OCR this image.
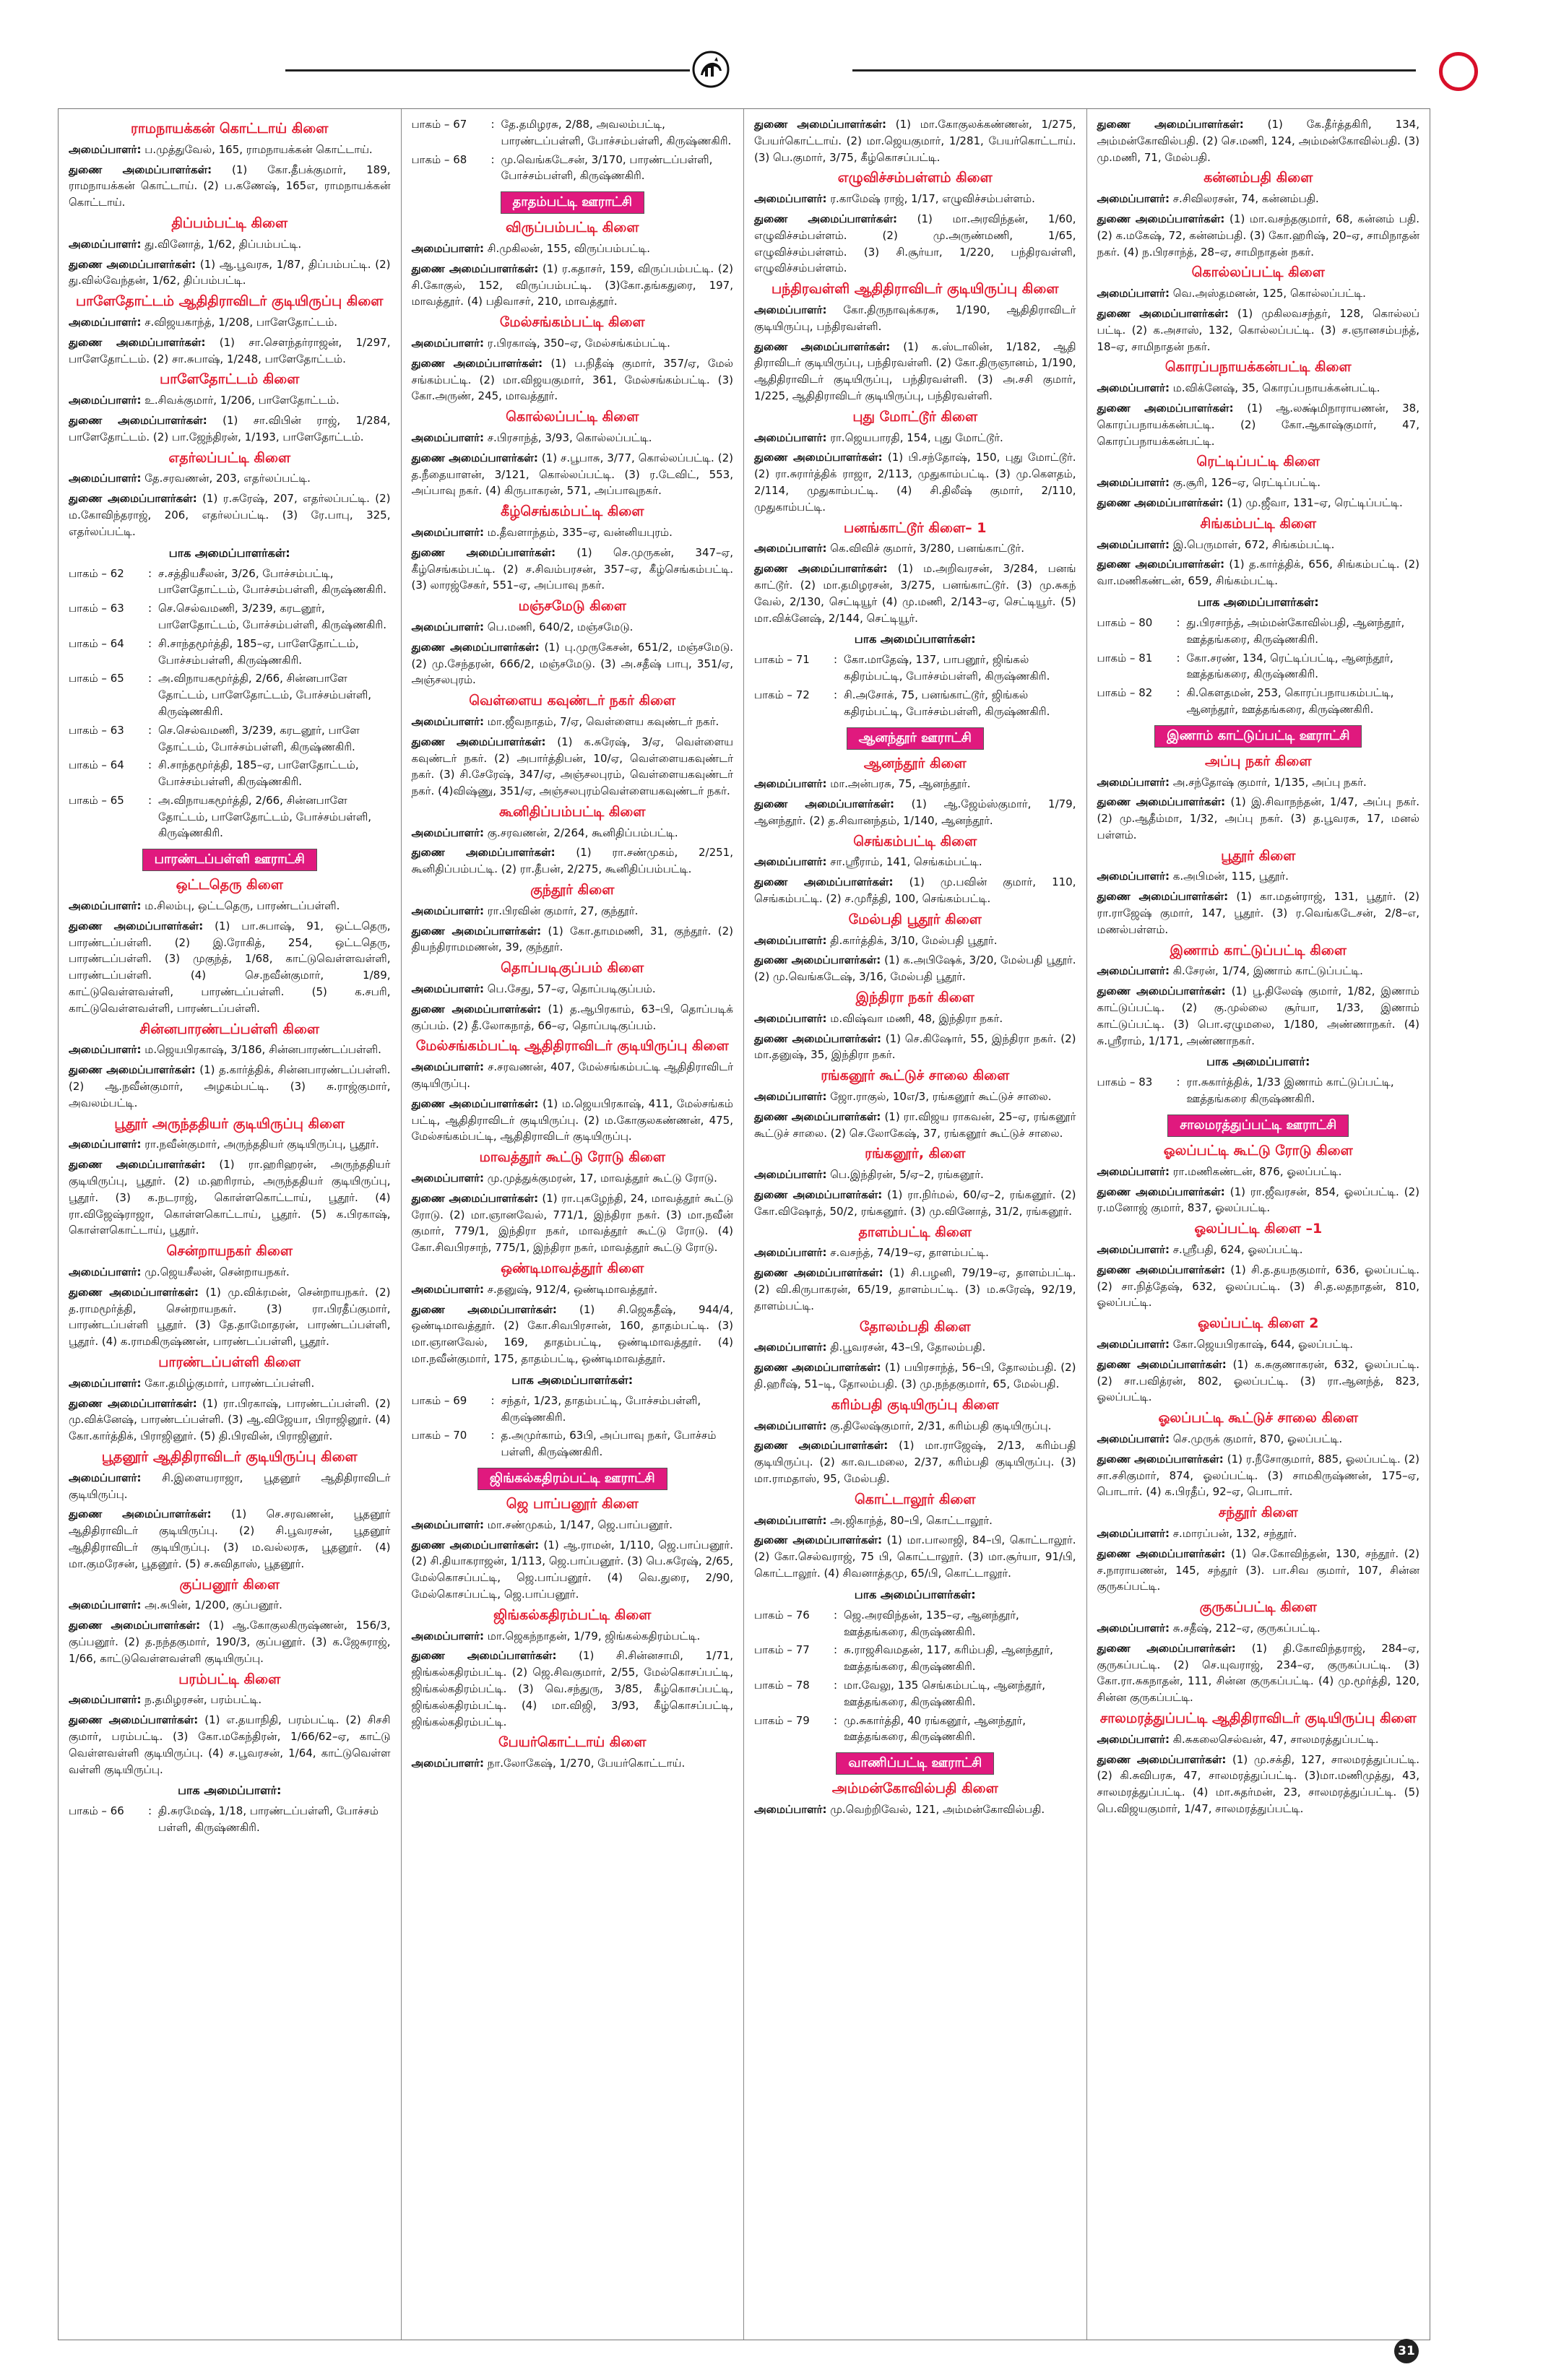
ராமநாயக்கன் கொட்டாய் கிளை

அமைப்பாளர்: ப.முத்துவேல், 165, ராமநாயக்கன் கொட்டாய்.

துணை அமைப்பாளர்கள்: (1) கோ.தீபக்குமார், 189, ராமநாயக்கன் கொட்டாய். (2) ப.கணேஷ், 165எ, ராமநாயக்கன் கொட்டாய்.

திப்பம்பட்டி கிளை

அமைப்பாளர்: து.வினோத், 1/62, திப்பம்பட்டி.

துணை அமைப்பாளர்கள்: (1) ஆ.பூவரசு, 1/87, திப்பம்பட்டி. (2) து.வில்வேந்தன், 1/62, திப்பம்பட்டி.

பாளேதோட்டம் ஆதிதிராவிடர் குடியிருப்பு கிளை

அமைப்பாளர்: ச.விஜயகாந்த், 1/208, பாளேதோட்டம்.

துணை அமைப்பாளர்கள்: (1) சா.சௌந்தர்ராஜன், 1/297, பாளேதோட்டம். (2) சா.சுபாஷ், 1/248, பாளேதோட்டம்.

பாளேதோட்டம் கிளை

அமைப்பாளர்: உ.சிவக்குமார், 1/206, பாளேதோட்டம்.

துணை அமைப்பாளர்கள்: (1) சா.விபின் ராஜ், 1/284, பாளேதோட்டம். (2) பா.ஜேந்திரன், 1/193, பாளேதோட்டம்.

எதர்லப்பட்டி கிளை

அமைப்பாளர்: தே.சரவணன், 203, எதர்லப்பட்டி.

துணை அமைப்பாளர்கள்: (1) ர.சுரேஷ், 207, எதர்லப்பட்டி. (2) ம.கோவிந்தராஜ், 206, எதர்லப்பட்டி. (3) ரே.பாபு, 325, எதர்லப்பட்டி.

பாக அமைப்பாளர்கள்:
பாகம் – 62	: ச.சத்தியசீலன், 3/26, போச்சம்பட்டி, பாளேதோட்டம், போச்சம்பள்ளி, கிருஷ்ணகிரி.
பாகம் – 63	: செ.செல்வமணி, 3/239, கரடனூர், பாளேதோட்டம், போச்சம்பள்ளி, கிருஷ்ணகிரி.
பாகம் – 64	: சி.சாந்தமூர்த்தி, 185–ஏ, பாளேதோட்டம், போச்சம்பள்ளி, கிருஷ்ணகிரி.
பாகம் – 65	: அ.விநாயகமூர்த்தி, 2/66, சின்னபாளே தோட்டம், பாளேதோட்டம், போச்சம்பள்ளி, கிருஷ்ணகிரி.
பாகம் – 63	: செ.செல்வமணி, 3/239, கரடனூர், பாளே தோட்டம், போச்சம்பள்ளி, கிருஷ்ணகிரி.
பாகம் – 64	: சி.சாந்தமூர்த்தி, 185–ஏ, பாளேதோட்டம், போச்சம்பள்ளி, கிருஷ்ணகிரி.
பாகம் – 65	: அ.விநாயகமூர்த்தி, 2/66, சின்னபாளே தோட்டம், பாளேதோட்டம், போச்சம்பள்ளி, கிருஷ்ணகிரி.
பாரண்டப்பள்ளி ஊராட்சி
ஒட்டதெரு கிளை

அமைப்பாளர்: ம.சிலம்பு, ஒட்டதெரு, பாரண்டப்பள்ளி.

துணை அமைப்பாளர்கள்: (1) பா.சுபாஷ், 91, ஒட்டதெரு, பாரண்டப்பள்ளி. (2) இ.ரோகித், 254, ஒட்டதெரு, பாரண்டப்பள்ளி. (3) முகுந்த், 1/68, காட்டுவெள்ளவள்ளி, பாரண்டப்பள்ளி. (4) செ.நவீன்குமார், 1/89, காட்டுவெள்ளவள்ளி, பாரண்டப்பள்ளி. (5) க.சபரி, காட்டுவெள்ளவள்ளி, பாரண்டப்பள்ளி.

சின்னபாரண்டப்பள்ளி கிளை

அமைப்பாளர்: ம.ஜெயபிரகாஷ், 3/186, சின்னபாரண்டப்பள்ளி.

துணை அமைப்பாளர்கள்: (1) த.கார்த்திக், சின்னபாரண்டப்பள்ளி. (2) ஆ.நவீன்குமார், அழகம்பட்டி. (3) சு.ராஜ்குமார், அவலம்பட்டி.

பூதூர் அருந்ததியர் குடியிருப்பு கிளை

அமைப்பாளர்: ரா.நவீன்குமார், அருந்ததியர் குடியிருப்பு, பூதூர்.

துணை அமைப்பாளர்கள்: (1) ரா.ஹரிஹரன், அருந்ததியர் குடியிருப்பு, பூதூர். (2) ம.ஹரிராம், அருந்ததியர் குடியிருப்பு, பூதூர். (3) க.நடராஜ், கொள்ளகொட்டாய், பூதூர். (4) ரா.விஜேஷ்ராஜா, கொள்ளகொட்டாய், பூதூர். (5) க.பிரகாஷ், கொள்ளகொட்டாய், பூதூர்.

சென்றாயநகர் கிளை

அமைப்பாளர்: மு.ஜெயசீலன், சென்றாயநகர்.

துணை அமைப்பாளர்கள்: (1) மு.விக்ரமன், சென்றாயநகர். (2) த.ராமமூர்த்தி, சென்றாயநகர். (3) ரா.பிரதீப்குமார், பாரண்டப்பள்ளி பூதூர். (3) தே.தாமோதரன், பாரண்டப்பள்ளி, பூதூர். (4) க.ராமகிருஷ்ணன், பாரண்டப்பள்ளி, பூதூர்.

பாரண்டப்பள்ளி கிளை

அமைப்பாளர்: கோ.தமிழ்குமார், பாரண்டப்பள்ளி.

துணை அமைப்பாளர்கள்: (1) ரா.பிரகாஷ், பாரண்டப்பள்ளி. (2) மு.விக்னேஷ், பாரண்டப்பள்ளி. (3) ஆ.விஜேயா, பிராஜினூர். (4) கோ.கார்த்திக், பிராஜினூர். (5) தி.பிரவின், பிராஜினூர்.

பூதனூர் ஆதிதிராவிடர் குடியிருப்பு கிளை

அமைப்பாளர்: சி.இளையராஜா, பூதனூர் ஆதிதிராவிடர் குடியிருப்பு.

துணை அமைப்பாளர்கள்: (1) செ.சரவணன், பூதனூர் ஆதிதிராவிடர் குடியிருப்பு. (2) சி.பூவரசன், பூதனூர் ஆதிதிராவிடர் குடியிருப்பு. (3) ம.வல்லரசு, பூதனூர். (4) மா.குமரேசன், பூதனூர். (5) ச.சுவிதாஸ், பூதனூர்.

குப்பனூர் கிளை

அமைப்பாளர்: அ.சுபின், 1/200, குப்பனூர்.

துணை அமைப்பாளர்கள்: (1) ஆ.கோகுலகிருஷ்ணன், 156/3, குப்பனூர். (2) த.நந்தகுமார், 190/3, குப்பனூர். (3) க.ஜேசுராஜ், 1/66, காட்டுவெள்ளவள்ளி குடியிருப்பு.

பரம்பட்டி கிளை

அமைப்பாளர்: ந.தமிழரசன், பரம்பட்டி.

துணை அமைப்பாளர்கள்: (1) எ.தயாநிதி, பரம்பட்டி. (2) சிசசி குமார், பரம்பட்டி. (3) கோ.மகேந்திரன், 1/66/62–ஏ, காட்டு வெள்ளவள்ளி குடியிருப்பு. (4) ச.பூவரசன், 1/64, காட்டுவெள்ள வள்ளி குடியிருப்பு.

பாக அமைப்பாளர்:
பாகம் – 66	: தி.சுரமேஷ், 1/18, பாரண்டப்பள்ளி, போச்சம் பள்ளி, கிருஷ்ணகிரி.
பாகம் – 67	: தே.தமிழரசு, 2/88, அவலம்பட்டி, பாரண்டப்பள்ளி, போச்சம்பள்ளி, கிருஷ்ணகிரி.
பாகம் – 68	: மு.வெங்கடேசன், 3/170, பாரண்டப்பள்ளி, போச்சம்பள்ளி, கிருஷ்ணகிரி.
தாதம்பட்டி ஊராட்சி
விருப்பம்பட்டி கிளை

அமைப்பாளர்: சி.முகிலன், 155, விருப்பம்பட்டி.

துணை அமைப்பாளர்கள்: (1) ர.கதாசர், 159, விருப்பம்பட்டி. (2) சி.கோகுல், 152, விருப்பம்பட்டி. (3)கோ.தங்கதுரை, 197, மாவத்தூர். (4) பதிவாசர், 210, மாவத்தூர்.

மேல்சங்கம்பட்டி கிளை

அமைப்பாளர்: ர.பிரகாஷ், 350–ஏ, மேல்சங்கம்பட்டி.

துணை அமைப்பாளர்கள்: (1) ப.நிதீஷ் குமார், 357/ஏ, மேல் சங்கம்பட்டி. (2) மா.விஜயகுமார், 361, மேல்சங்கம்பட்டி. (3) கோ.அருண், 245, மாவத்தூர்.

கொல்லப்பட்டி கிளை

அமைப்பாளர்: ச.பிரசாந்த், 3/93, கொல்லப்பட்டி.

துணை அமைப்பாளர்கள்: (1) ச.பூபாசு, 3/77, கொல்லப்பட்டி. (2) த.நீதையாளன், 3/121, கொல்லப்பட்டி. (3) ர.டேவிட், 553, அப்பாவு நகர். (4) கிருபாகரன், 571, அப்பாவுநகர்.

கீழ்செங்கம்பட்டி கிளை

அமைப்பாளர்: ம.தீவளாந்தம், 335–ஏ, வன்னியபுரம்.

துணை அமைப்பாளர்கள்: (1) செ.முருகன், 347–ஏ, கீழ்செங்கம்பட்டி. (2) ச.சிவம்பரசன், 357–ஏ, கீழ்செங்கம்பட்டி. (3) லாரஜ்சேகர், 551–ஏ, அப்பாவு நகர்.

மஞ்சமேடு கிளை

அமைப்பாளர்: பெ.மணி, 640/2, மஞ்சமேடு.

துணை அமைப்பாளர்கள்: (1) பு.முருகேசன், 651/2, மஞ்சமேடு. (2) மு.சேந்தரன், 666/2, மஞ்சமேடு. (3) அ.சதீஷ் பாபு, 351/ஏ, அஞ்சலபுரம்.

வெள்ளைய கவுண்டர் நகர் கிளை

அமைப்பாளர்: மா.ஜீவநாதம், 7/ஏ, வெள்ளைய கவுண்டர் நகர்.

துணை அமைப்பாளர்கள்: (1) க.சுரேஷ், 3/ஏ, வெள்ளைய கவுண்டர் நகர். (2) அபார்த்திபன், 10/ஏ, வெள்ளையகவுண்டர் நகர். (3) சி.சேரேஷ், 347/ஏ, அஞ்சலபுரம், வெள்ளையகவுண்டர் நகர். (4)விஷ்ணு, 351/ஏ, அஞ்சலபுரம்வெள்ளையகவுண்டர் நகர்.

கூனிதிப்பம்பட்டி கிளை

அமைப்பாளர்: கு.சரவணன், 2/264, கூனிதிப்பம்பட்டி.

துணை அமைப்பாளர்கள்: (1) ரா.சண்முகம், 2/251, கூனிதிப்பம்பட்டி. (2) ரா.தீபன், 2/275, கூனிதிப்பம்பட்டி.

குந்தூர் கிளை

அமைப்பாளர்: ரா.பிரவின் குமார், 27, குந்தூர்.

துணை அமைப்பாளர்கள்: (1) கோ.தாமமணி, 31, குந்தூர். (2) தியந்திராமமணன், 39, குந்தூர்.

தொப்படிகுப்பம் கிளை

அமைப்பாளர்: பெ.சேது, 57–ஏ, தொப்படிகுப்பம்.

துணை அமைப்பாளர்கள்: (1) த.ஆபிரகாம், 63–பி, தொப்படிக் குப்பம். (2) தீ.லோகநாத், 66–ஏ, தொப்படிகுப்பம்.

மேல்சங்கம்பட்டி ஆதிதிராவிடர் குடியிருப்பு கிளை

அமைப்பாளர்: ச.சரவணன், 407, மேல்சங்கம்பட்டி ஆதிதிராவிடர் குடியிருப்பு.

துணை அமைப்பாளர்கள்: (1) ம.ஜெயபிரகாஷ், 411, மேல்சங்கம் பட்டி, ஆதிதிராவிடர் குடியிருப்பு. (2) ம.கோகுலகண்ணன், 475, மேல்சங்கம்பட்டி, ஆதிதிராவிடர் குடியிருப்பு.

மாவத்தூர் கூட்டு ரோடு கிளை

அமைப்பாளர்: மு.முத்துக்குமரன், 17, மாவத்தூர் கூட்டு ரோடு.

துணை அமைப்பாளர்கள்: (1) ரா.புகழேந்தி, 24, மாவத்தூர் கூட்டு ரோடு. (2) மா.ஞானவேல், 771/1, இந்திரா நகர். (3) மா.நவீன் குமார், 779/1, இந்திரா நகர், மாவத்தூர் கூட்டு ரோடு. (4) கோ.சிவபிரசாந், 775/1, இந்திரா நகர், மாவத்தூர் கூட்டு ரோடு.

ஒண்டிமாவத்தூர் கிளை

அமைப்பாளர்: ச.தனுஷ், 912/4, ஒண்டிமாவத்தூர்.

துணை அமைப்பாளர்கள்: (1) சி.ஜெகதீஷ், 944/4, ஒண்டிமாவத்தூர். (2) கோ.சிவபிரசான், 160, தாதம்பட்டி. (3) மா.ஞானவேல், 169, தாதம்பட்டி, ஒண்டிமாவத்தூர். (4) மா.நவீன்குமார், 175, தாதம்பட்டி, ஒண்டிமாவத்தூர்.

பாக அமைப்பாளர்கள்:
பாகம் – 69	: சந்தர், 1/23, தாதம்பட்டி, போச்சம்பள்ளி, கிருஷ்ணகிரி.
பாகம் – 70	: த.அமுர்காம், 63பி, அப்பாவு நகர், போச்சம் பள்ளி, கிருஷ்ணகிரி.
ஜிங்கல்கதிரம்பட்டி ஊராட்சி
ஜெ பாப்பனூர் கிளை

அமைப்பாளர்: மா.சண்முகம், 1/147, ஜெ.பாப்பனூர்.

துணை அமைப்பாளர்கள்: (1) ஆ.ராமன், 1/110, ஜெ.பாப்பனூர். (2) சி.தியாகராஜன், 1/113, ஜெ.பாப்பனூர். (3) பெ.சுரேஷ், 2/65, மேல்கொசப்பட்டி, ஜெ.பாப்பனூர். (4) வெ.துரை, 2/90, மேல்கொசப்பட்டி, ஜெ.பாப்பனூர்.

ஜிங்கல்கதிரம்பட்டி கிளை

அமைப்பாளர்: மா.ஜெகந்நாதன், 1/79, ஜிங்கல்கதிரம்பட்டி.

துணை அமைப்பாளர்கள்: (1) சி.சின்னசாமி, 1/71, ஜிங்கல்கதிரம்பட்டி. (2) ஜெ.சிவகுமார், 2/55, மேல்கொசப்பட்டி, ஜிங்கல்கதிரம்பட்டி. (3) வெ.சந்துரு, 3/85, கீழ்கொசப்பட்டி, ஜிங்கல்கதிரம்பட்டி. (4) மா.விஜி, 3/93, கீழ்கொசப்பட்டி, ஜிங்கல்கதிரம்பட்டி.

பேயர்கொட்டாய் கிளை

அமைப்பாளர்: நா.லோகேஷ், 1/270, பேயர்கொட்டாய்.

துணை அமைப்பாளர்கள்: (1) மா.கோகுலக்கண்ணன், 1/275, பேயர்கொட்டாய். (2) மா.ஜெயகுமார், 1/281, பேயர்கொட்டாய். (3) பெ.குமார், 3/75, கீழ்கொசப்பட்டி.

எழுவிச்சம்பள்ளம் கிளை

அமைப்பாளர்: ர.காமேஷ் ராஜ், 1/17, எழுவிச்சம்பள்ளம்.

துணை அமைப்பாளர்கள்: (1) மா.அரவிந்தன், 1/60, எழுவிச்சம்பள்ளம். (2) மு.அருண்மணி, 1/65, எழுவிச்சம்பள்ளம். (3) சி.சூர்யா, 1/220, பந்திரவள்ளி, எழுவிச்சம்பள்ளம்.

பந்திரவள்ளி ஆதிதிராவிடர் குடியிருப்பு கிளை

அமைப்பாளர்: கோ.திருநாவுக்கரசு, 1/190, ஆதிதிராவிடர் குடியிருப்பு, பந்திரவள்ளி.

துணை அமைப்பாளர்கள்: (1) க.ஸ்டாலின், 1/182, ஆதி திராவிடர் குடியிருப்பு, பந்திரவள்ளி. (2) கோ.திருஞானம், 1/190, ஆதிதிராவிடர் குடியிருப்பு, பந்திரவள்ளி. (3) அ.சசி குமார், 1/225, ஆதிதிராவிடர் குடியிருப்பு, பந்திரவள்ளி.

புது மோட்டூர் கிளை

அமைப்பாளர்: ரா.ஜெயபாரதி, 154, புது மோட்டூர்.

துணை அமைப்பாளர்கள்: (1) பி.சந்தோஷ், 150, புது மோட்டூர். (2) ரா.சுரார்த்திக் ராஜா, 2/113, முதுகாம்பட்டி. (3) மு.கௌதம், 2/114, முதுகாம்பட்டி. (4) சி.திலீஷ் குமார், 2/110, முதுகாம்பட்டி.

பனங்காட்டூர் கிளை– 1

அமைப்பாளர்: கெ.விவிச் குமார், 3/280, பனங்காட்டூர்.

துணை அமைப்பாளர்கள்: (1) ம.அறிவரசன், 3/284, பனங் காட்டூர். (2) மா.தமிழரசன், 3/275, பனங்காட்டூர். (3) மு.சுகந் வேல், 2/130, செட்டியூர் (4) மு.மணி, 2/143–ஏ, செட்டியூர். (5) மா.விக்னேஷ், 2/144, செட்டியூர்.

பாக அமைப்பாளர்கள்:
பாகம் – 71	: கோ.மாதேஷ், 137, பாபனூர், ஜிங்கல் கதிரம்பட்டி, போச்சம்பள்ளி, கிருஷ்ணகிரி.
பாகம் – 72	: சி.அசோக், 75, பனங்காட்டூர், ஜிங்கல் கதிரம்பட்டி, போச்சம்பள்ளி, கிருஷ்ணகிரி.
ஆனந்தூர் ஊராட்சி
ஆனந்தூர் கிளை

அமைப்பாளர்: மா.அன்பரசு, 75, ஆனந்தூர்.

துணை அமைப்பாளர்கள்: (1) ஆ.ஜேம்ஸ்குமார், 1/79, ஆனந்தூர். (2) த.சிவானந்தம், 1/140, ஆனந்தூர்.

செங்கம்பட்டி கிளை

அமைப்பாளர்: சா.ஸ்ரீராம், 141, செங்கம்பட்டி.

துணை அமைப்பாளர்கள்: (1) மு.பவின் குமார், 110, செங்கம்பட்டி. (2) ச.முரீத்தி, 100, செங்கம்பட்டி.

மேல்பதி பூதூர் கிளை

அமைப்பாளர்: தி.கார்த்திக், 3/10, மேல்பதி பூதூர்.

துணை அமைப்பாளர்கள்: (1) க.அபிஷேக், 3/20, மேல்பதி பூதூர். (2) மு.வெங்கடேஷ், 3/16, மேல்பதி பூதூர்.

இந்திரா நகர் கிளை

அமைப்பாளர்: ம.விஷ்வா மணி, 48, இந்திரா நகர்.

துணை அமைப்பாளர்கள்: (1) செ.கிஷோர், 55, இந்திரா நகர். (2) மா.தனுஷ், 35, இந்திரா நகர்.

ரங்கனூர் கூட்டுச் சாலை கிளை

அமைப்பாளர்: ஜோ.ராகுல், 10எ/3, ரங்கனூர் கூட்டுச் சாலை.

துணை அமைப்பாளர்கள்: (1) ரா.விஜய ராகவன், 25–ஏ, ரங்கனூர் கூட்டுச் சாலை. (2) செ.லோகேஷ், 37, ரங்கனூர் கூட்டுச் சாலை.

ரங்கனூர், கிளை

அமைப்பாளர்: பெ.இந்திரன், 5/ஏ–2, ரங்கனூர்.

துணை அமைப்பாளர்கள்: (1) ரா.நிர்மல், 60/ஏ–2, ரங்கனூர். (2) கோ.விஷோத், 50/2, ரங்கனூர். (3) மு.வினோத், 31/2, ரங்கனூர்.

தாளம்பட்டி கிளை

அமைப்பாளர்: ச.வசந்த், 74/19–ஏ, தாளம்பட்டி.

துணை அமைப்பாளர்கள்: (1) சி.பழனி, 79/19–ஏ, தாளம்பட்டி. (2) வி.கிருபாகரன், 65/19, தாளம்பட்டி. (3) ம.சுரேஷ், 92/19, தாளம்பட்டி.

தோலம்பதி கிளை

அமைப்பாளர்: தி.பூவரசன், 43–பி, தோலம்பதி.

துணை அமைப்பாளர்கள்: (1) பயிரசாந்த், 56–பி, தோலம்பதி. (2) தி.ஹரீஷ், 51–டி, தோலம்பதி. (3) மு.நந்தகுமார், 65, மேல்பதி.

கரிம்பதி குடியிருப்பு கிளை

அமைப்பாளர்: கு.திலேஷ்குமார், 2/31, கரிம்பதி குடியிருப்பு.

துணை அமைப்பாளர்கள்: (1) மா.ராஜேஷ், 2/13, கரிம்பதி குடியிருப்பு. (2) கா.வடமலை, 2/37, கரிம்பதி குடியிருப்பு. (3) மா.ராமதாஸ், 95, மேல்பதி.

கொட்டாலூர் கிளை

அமைப்பாளர்: அ.ஜிகாந்த், 80–பி, கொட்டாலூர்.

துணை அமைப்பாளர்கள்: (1) மா.பாலாஜி, 84–பி, கொட்டாலூர். (2) கோ.செல்வராஜ், 75 பி, கொட்டாலூர். (3) மா.சூர்யா, 91/பி, கொட்டாலூர். (4) சிவனாத்தமு, 65/பி, கொட்டாலூர்.

பாக அமைப்பாளர்கள்:
பாகம் – 76	: ஜெ.அரவிந்தன், 135–ஏ, ஆனந்தூர், ஊத்தங்கரை, கிருஷ்ணகிரி.
பாகம் – 77	: சு.ராஜசிவமதன், 117, கரிம்பதி, ஆனந்தூர், ஊத்தங்கரை, கிருஷ்ணகிரி.
பாகம் – 78	: மா.வேலு, 135 செங்கம்பட்டி, ஆனந்தூர், ஊத்தங்கரை, கிருஷ்ணகிரி.
பாகம் – 79	: மு.சுகார்த்தி, 40 ரங்கனூர், ஆனந்தூர், ஊத்தங்கரை, கிருஷ்ணகிரி.
வாணிப்பட்டி ஊராட்சி
அம்மன்கோவில்பதி கிளை

அமைப்பாளர்: மு.வெற்றிவேல், 121, அம்மன்கோவில்பதி.

துணை அமைப்பாளர்கள்: (1) கே.தீர்த்தகிரி, 134, அம்மன்கோவில்பதி. (2) செ.மணி, 124, அம்மன்கோவில்பதி. (3) மு.மணி, 71, மேல்பதி.

கன்னம்பதி கிளை

அமைப்பாளர்: ச.சிவிலரசன், 74, கன்னம்பதி.

துணை அமைப்பாளர்கள்: (1) மா.வசந்தகுமார், 68, கன்னம் பதி. (2) க.மகேஷ், 72, கன்னம்பதி. (3) கோ.ஹரிஷ், 20–ஏ, சாமிநாதன் நகர். (4) ந.பிரசாந்த், 28–ஏ, சாமிநாதன் நகர்.

கொல்லப்பட்டி கிளை

அமைப்பாளர்: வெ.அஸ்தமனன், 125, கொல்லப்பட்டி.

துணை அமைப்பாளர்கள்: (1) முகிலவசந்தர், 128, கொல்லப் பட்டி. (2) க.அசாஸ், 132, கொல்லப்பட்டி. (3) ச.ஞானசம்பந்த், 18–ஏ, சாமிநாதன் நகர்.

கொரப்பநாயக்கன்பட்டி கிளை

அமைப்பாளர்: ம.விக்னேஷ், 35, கொரப்பநாயக்கன்பட்டி.

துணை அமைப்பாளர்கள்: (1) ஆ.லக்ஷ்மிநாராயணன், 38, கொரப்பநாயக்கன்பட்டி. (2) கோ.ஆகாஷ்குமார், 47, கொரப்பநாயக்கன்பட்டி.

ரெட்டிப்பட்டி கிளை

அமைப்பாளர்: கு.சூரி, 126–ஏ, ரெட்டிப்பட்டி.

துணை அமைப்பாளர்கள்: (1) மு.ஜீவா, 131–ஏ, ரெட்டிப்பட்டி.

சிங்கம்பட்டி கிளை

அமைப்பாளர்: இ.பெருமாள், 672, சிங்கம்பட்டி.

துணை அமைப்பாளர்கள்: (1) த.கார்த்திக், 656, சிங்கம்பட்டி. (2) வா.மணிகண்டன், 659, சிங்கம்பட்டி.

பாக அமைப்பாளர்கள்:
பாகம் – 80	: து.பிரசாந்த், அம்மன்கோவில்பதி, ஆனந்தூர், ஊத்தங்கரை, கிருஷ்ணகிரி.
பாகம் – 81	: கோ.சரண், 134, ரெட்டிப்பட்டி, ஆனந்தூர், ஊத்தங்கரை, கிருஷ்ணகிரி.
பாகம் – 82	: கி.கௌதமன், 253, கொரப்பநாயகம்பட்டி, ஆனந்தூர், ஊத்தங்கரை, கிருஷ்ணகிரி.
இணாம் காட்டுப்பட்டி ஊராட்சி
அப்பு நகர் கிளை

அமைப்பாளர்: அ.சந்தோஷ் குமார், 1/135, அப்பு நகர்.

துணை அமைப்பாளர்கள்: (1) இ.சிவாநந்தன், 1/47, அப்பு நகர். (2) மு.ஆதீம்மா, 1/32, அப்பு நகர். (3) த.பூவரசு, 17, மனல் பள்ளம்.

பூதூர் கிளை

அமைப்பாளர்: க.அபிமன், 115, பூதூர்.

துணை அமைப்பாளர்கள்: (1) கா.மதன்ராஜ், 131, பூதூர். (2) ரா.ராஜேஷ் குமார், 147, பூதூர். (3) ர.வெங்கடேசன், 2/8–எ, மணல்பள்ளம்.

இணாம் காட்டுப்பட்டி கிளை

அமைப்பாளர்: கி.சேரன், 1/74, இணாம் காட்டுப்பட்டி.

துணை அமைப்பாளர்கள்: (1) பூ.திலேஷ் குமார், 1/82, இணாம் காட்டுப்பட்டி. (2) கு.முல்லை சூர்யா, 1/33, இணாம் காட்டுப்பட்டி. (3) பொ.ஏழுமலை, 1/180, அண்ணாநகர். (4) சு.ஸ்ரீராம், 1/171, அண்ணாநகர்.

பாக அமைப்பாளர்:
பாகம் – 83	: ரா.சுகார்த்திக், 1/33 இணாம் காட்டுப்பட்டி, ஊத்தங்கரை கிருஷ்ணகிரி.
சாலமரத்துப்பட்டி ஊராட்சி
ஓலப்பட்டி கூட்டு ரோடு கிளை

அமைப்பாளர்: ரா.மணிகண்டன், 876, ஓலப்பட்டி.

துணை அமைப்பாளர்கள்: (1) ரா.ஜீவரசன், 854, ஓலப்பட்டி. (2) ர.மனோஜ் குமார், 837, ஓலப்பட்டி.

ஓலப்பட்டி கிளை –1

அமைப்பாளர்: ச.ஸ்ரீபதி, 624, ஓலப்பட்டி.

துணை அமைப்பாளர்கள்: (1) சி.த.தயநகுமார், 636, ஓலப்பட்டி. (2) சா.நித்தேஷ், 632, ஓலப்பட்டி. (3) சி.த.லதநாதன், 810, ஓலப்பட்டி.

ஓலப்பட்டி கிளை 2

அமைப்பாளர்: கோ.ஜெயபிரகாஷ், 644, ஓலப்பட்டி.

துணை அமைப்பாளர்கள்: (1) க.சுகுணாகரன், 632, ஓலப்பட்டி. (2) சா.பவித்ரன், 802, ஓலப்பட்டி. (3) ரா.ஆனந்த், 823, ஓலப்பட்டி.

ஓலப்பட்டி கூட்டுச் சாலை கிளை

அமைப்பாளர்: செ.முருக் குமார், 870, ஓலப்பட்டி.

துணை அமைப்பாளர்கள்: (1) ர.நீசோகுமார், 885, ஓலப்பட்டி. (2) சா.சசிகுமார், 874, ஓலப்பட்டி. (3) சாமகிருஷ்ணன், 175–ஏ, பொடார். (4) க.பிரதீப், 92–ஏ, பொடார்.

சந்தூர் கிளை

அமைப்பாளர்: ச.மாரப்பன், 132, சந்தூர்.

துணை அமைப்பாளர்கள்: (1) செ.கோவிந்தன், 130, சந்தூர். (2) ச.நாராயணன், 145, சந்தூர் (3). பா.சிவ குமார், 107, சின்ன குருகப்பட்டி.

குருகப்பட்டி கிளை

அமைப்பாளர்: சு.சதீஷ், 212–ஏ, குருகப்பட்டி.

துணை அமைப்பாளர்கள்: (1) தி.கோவிந்தராஜ், 284–ஏ, குருகப்பட்டி. (2) செ.யுவராஜ், 234–ஏ, குருகப்பட்டி. (3) கோ.ரா.சுகநாதன், 111, சின்ன குருகப்பட்டி. (4) மு.மூர்த்தி, 120, சின்ன குருகப்பட்டி.

சாலமரத்துப்பட்டி ஆதிதிராவிடர் குடியிருப்பு கிளை

அமைப்பாளர்: கி.சுகலைசெல்வன், 47, சாலமரத்துப்பட்டி.

துணை அமைப்பாளர்கள்: (1) மு.சக்தி, 127, சாலமரத்துப்பட்டி. (2) கி.சுவிபரசு, 47, சாலமரத்துப்பட்டி. (3)மா.மணிமுத்து, 43, சாலமரத்துப்பட்டி. (4) மா.சுதர்மன், 23, சாலமரத்துப்பட்டி. (5) பெ.விஜயகுமார், 1/47, சாலமரத்துப்பட்டி.

31
